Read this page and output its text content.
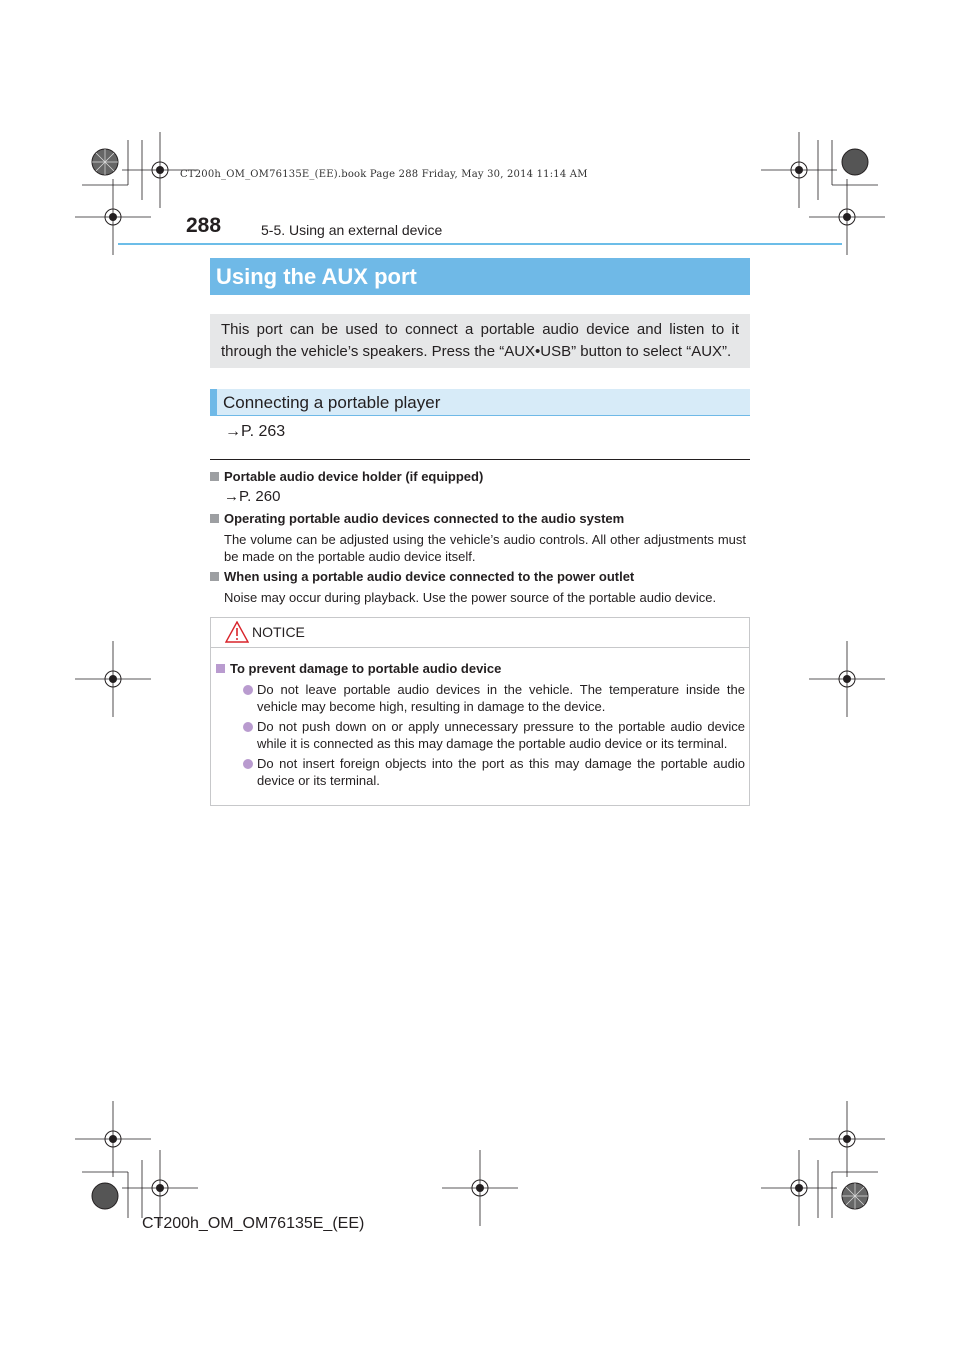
CT200h_OM_OM76135E_(EE).book Page 288 Friday, May 30, 2014 11:14 AM
288	5-5. Using an external device
Using the AUX port
This port can be used to connect a portable audio device and listen to it through the vehicle’s speakers. Press the “AUX•USB” button to select “AUX”.
Connecting a portable player
→P. 263
Portable audio device holder (if equipped)
→P. 260
Operating portable audio devices connected to the audio system
The volume can be adjusted using the vehicle’s audio controls. All other adjustments must be made on the portable audio device itself.
When using a portable audio device connected to the power outlet
Noise may occur during playback. Use the power source of the portable audio device.
NOTICE
To prevent damage to portable audio device
Do not leave portable audio devices in the vehicle. The temperature inside the vehicle may become high, resulting in damage to the device.
Do not push down on or apply unnecessary pressure to the portable audio device while it is connected as this may damage the portable audio device or its terminal.
Do not insert foreign objects into the port as this may damage the portable audio device or its terminal.
CT200h_OM_OM76135E_(EE)
